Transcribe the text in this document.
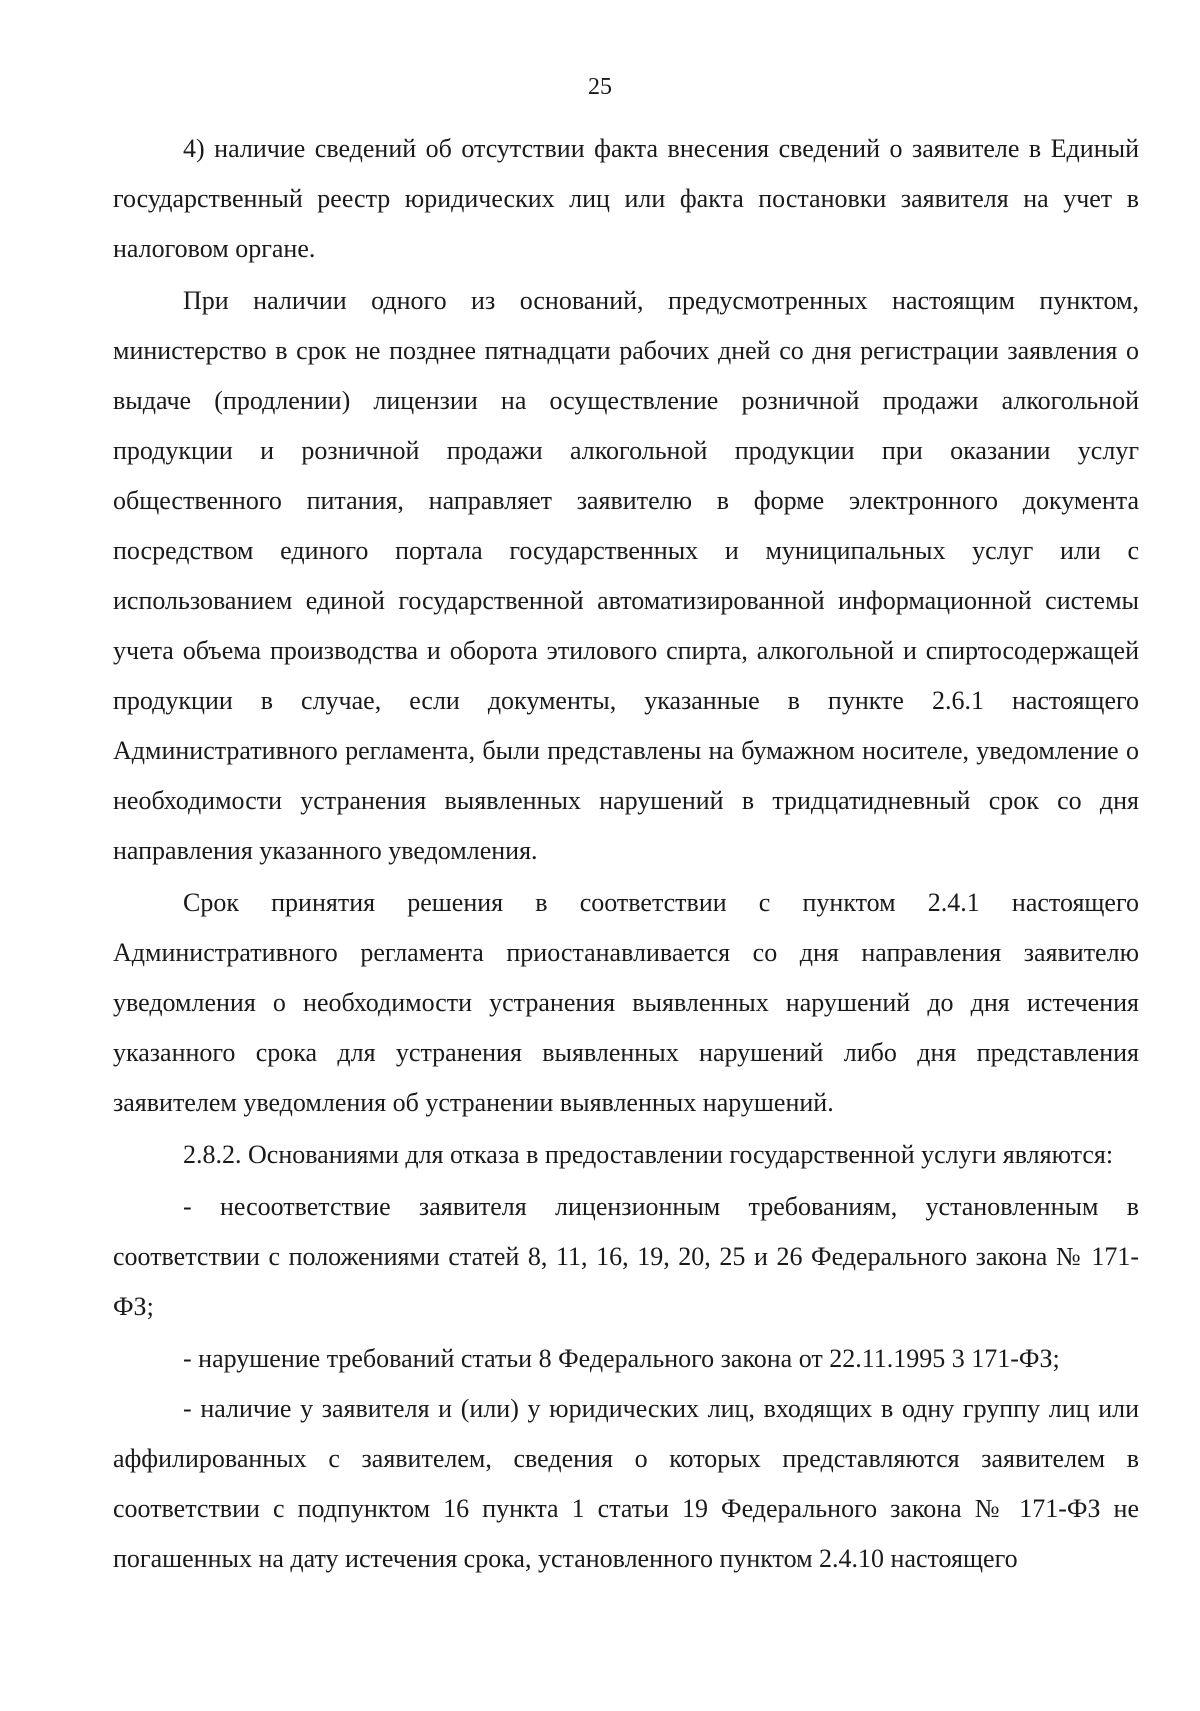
25

4) наличие сведений об отсутствии факта внесения сведений о заявителе в Единый государственный реестр юридических лиц или факта постановки заявителя на учет в налоговом органе.

При наличии одного из оснований, предусмотренных настоящим пунктом, министерство в срок не позднее пятнадцати рабочих дней со дня регистрации заявления о выдаче (продлении) лицензии на осуществление розничной продажи алкогольной продукции и розничной продажи алкогольной продукции при оказании услуг общественного питания, направляет заявителю в форме электронного документа посредством единого портала государственных и муниципальных услуг или с использованием единой государственной автоматизированной информационной системы учета объема производства и оборота этилового спирта, алкогольной и спиртосодержащей продукции в случае, если документы, указанные в пункте 2.6.1 настоящего Административного регламента, были представлены на бумажном носителе, уведомление о необходимости устранения выявленных нарушений в тридцатидневный срок со дня направления указанного уведомления.

Срок принятия решения в соответствии с пунктом 2.4.1 настоящего Административного регламента приостанавливается со дня направления заявителю уведомления о необходимости устранения выявленных нарушений до дня истечения указанного срока для устранения выявленных нарушений либо дня представления заявителем уведомления об устранении выявленных нарушений.

2.8.2. Основаниями для отказа в предоставлении государственной услуги являются:

- несоответствие заявителя лицензионным требованиям, установленным в соответствии с положениями статей 8, 11, 16, 19, 20, 25 и 26 Федерального закона № 171-ФЗ;

- нарушение требований статьи 8 Федерального закона от 22.11.1995 3 171-ФЗ;

- наличие у заявителя и (или) у юридических лиц, входящих в одну группу лиц или аффилированных с заявителем, сведения о которых представляются заявителем в соответствии с подпунктом 16 пункта 1 статьи 19 Федерального закона № 171-ФЗ не погашенных на дату истечения срока, установленного пунктом 2.4.10 настоящего
